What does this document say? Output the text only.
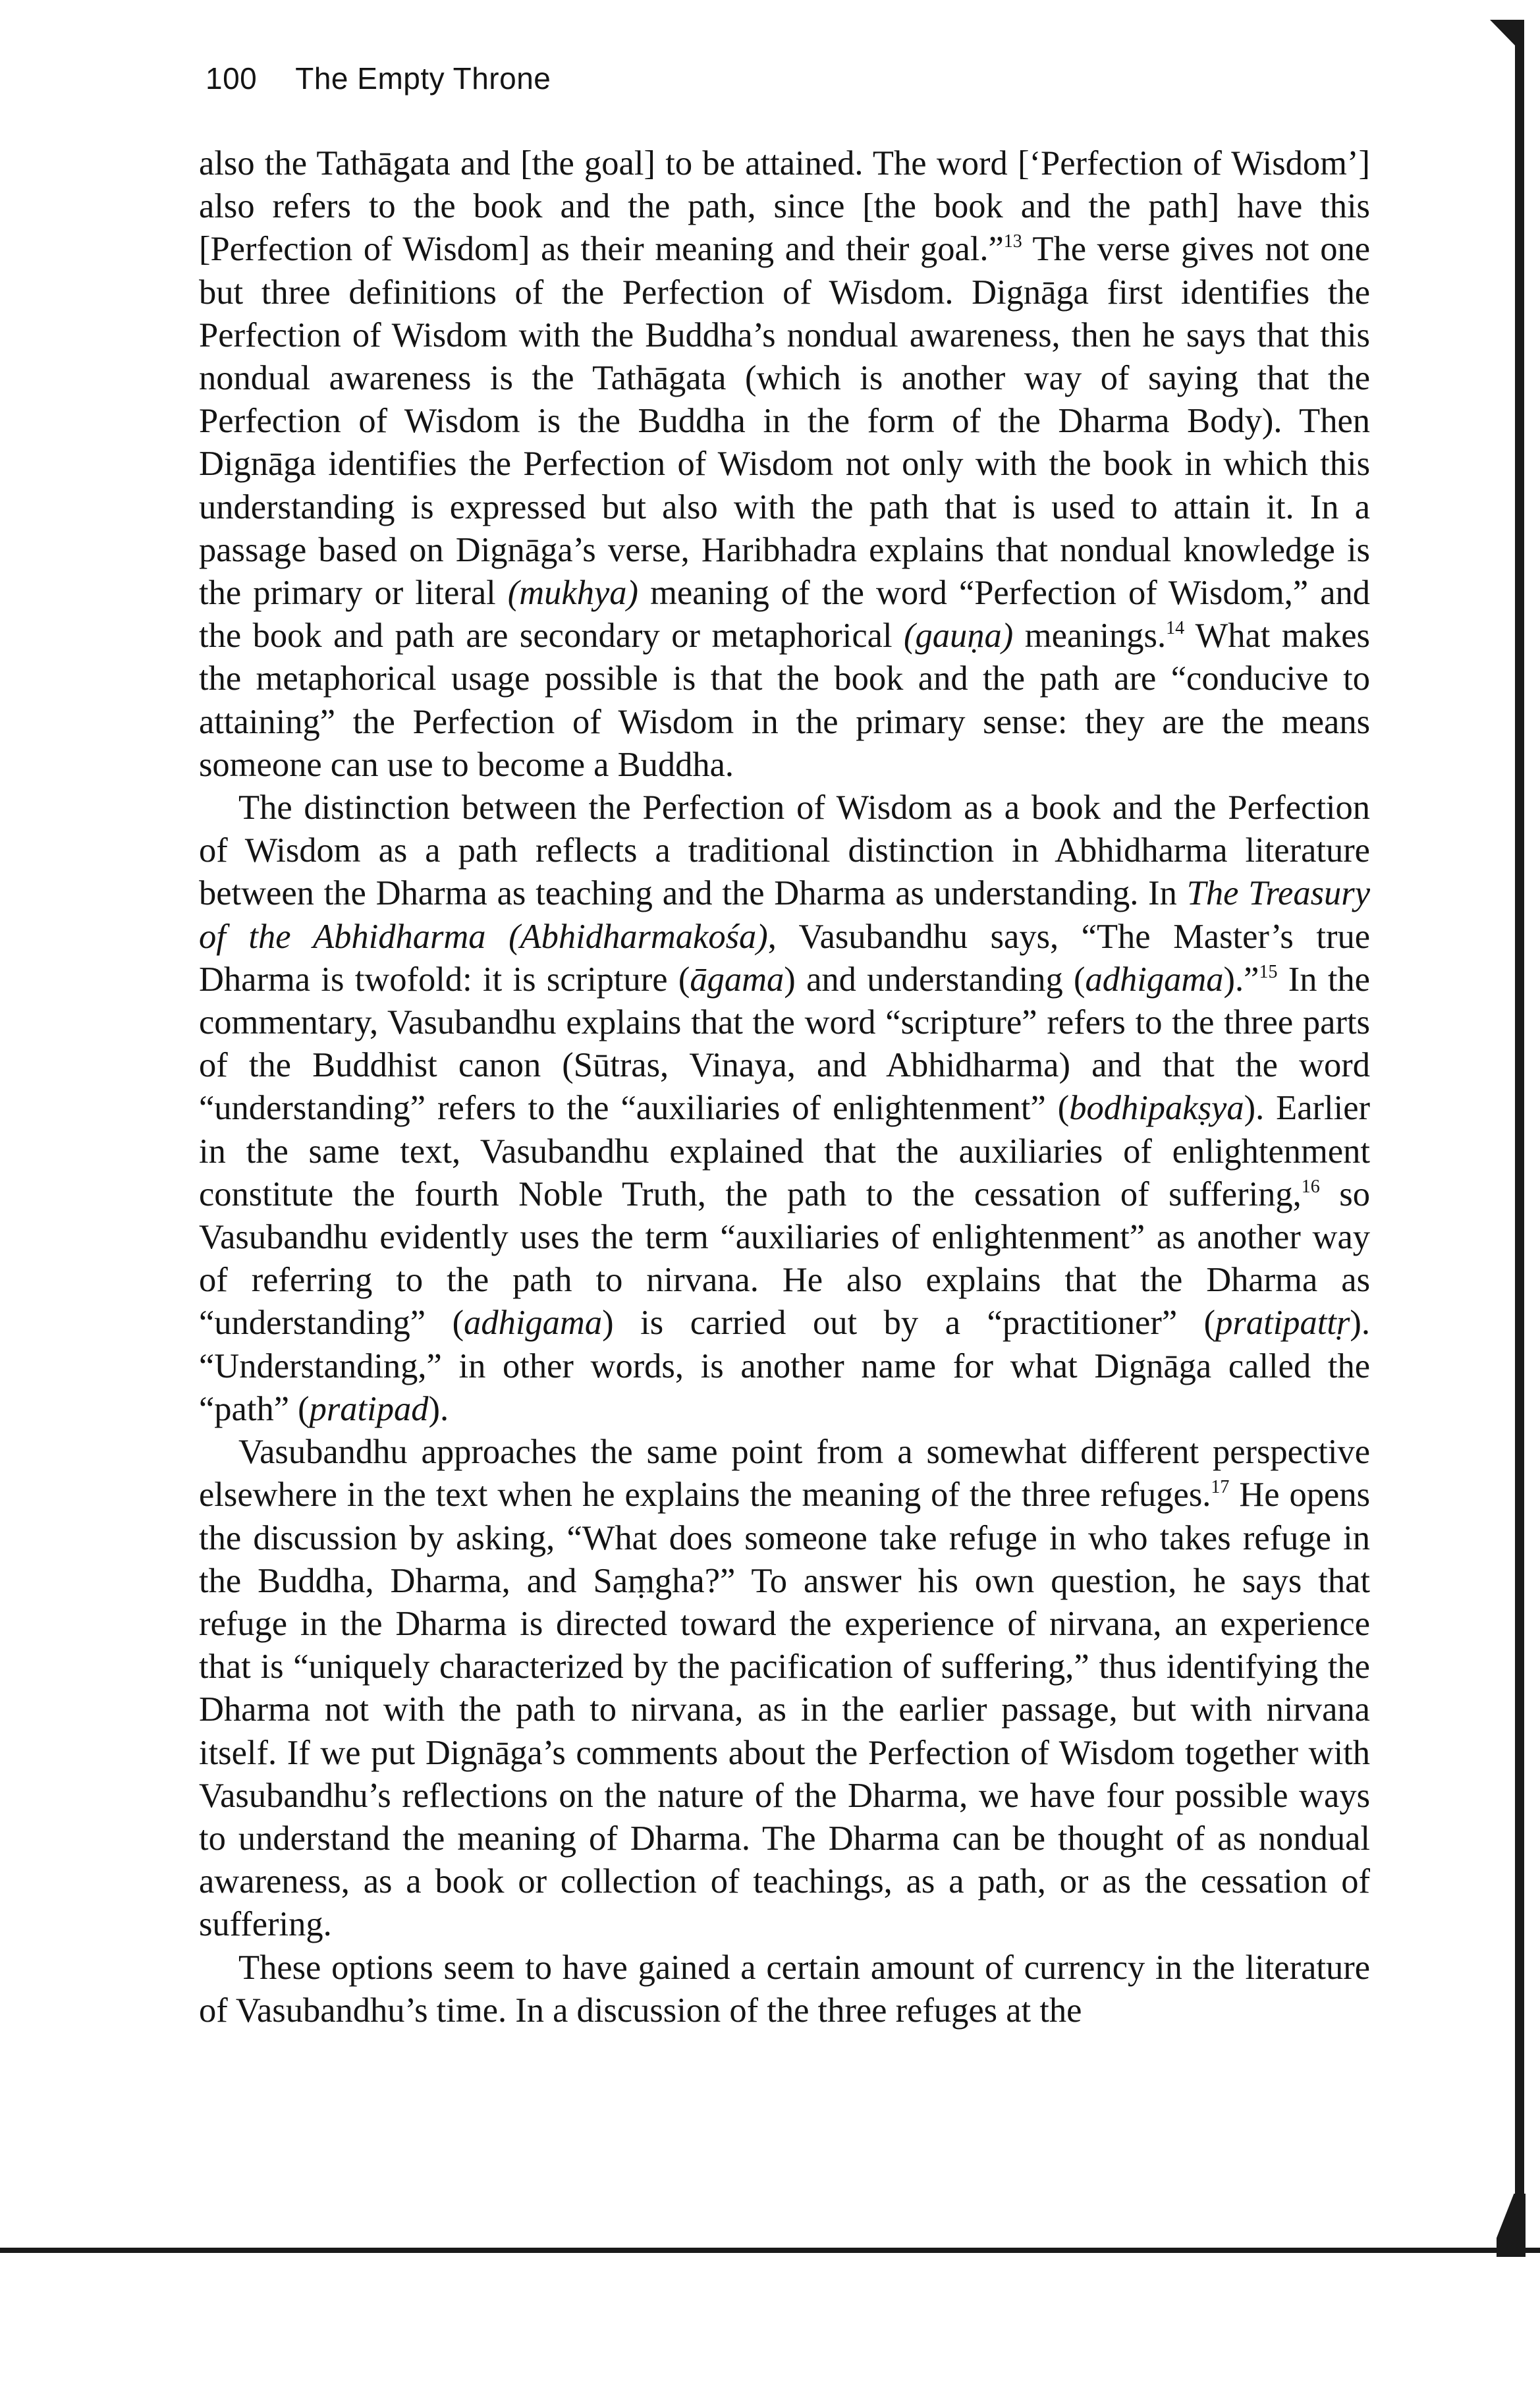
100 The Empty Throne

also the Tathāgata and [the goal] to be attained. The word [‘Perfection of Wisdom’] also refers to the book and the path, since [the book and the path] have this [Perfection of Wisdom] as their meaning and their goal.”$^{13}$ The verse gives not one but three definitions of the Perfection of Wisdom. Dignāga first identifies the Perfection of Wisdom with the Buddha’s nondual awareness, then he says that this nondual awareness is the Tathāgata (which is another way of saying that the Perfection of Wisdom is the Buddha in the form of the Dharma Body). Then Dignāga identifies the Perfection of Wisdom not only with the book in which this understanding is expressed but also with the path that is used to attain it. In a passage based on Dignāga’s verse, Haribhadra explains that nondual knowledge is the primary or literal (mukhya) meaning of the word “Perfection of Wisdom,” and the book and path are secondary or metaphorical (gauṇa) meanings.$^{14}$ What makes the metaphorical usage possible is that the book and the path are “conducive to attaining” the Perfection of Wisdom in the primary sense: they are the means someone can use to become a Buddha.

The distinction between the Perfection of Wisdom as a book and the Perfection of Wisdom as a path reflects a traditional distinction in Abhidharma literature between the Dharma as teaching and the Dharma as understanding. In The Treasury of the Abhidharma (Abhidharmakośa), Vasubandhu says, “The Master’s true Dharma is twofold: it is scripture (āgama) and understanding (adhigama).”$^{15}$ In the commentary, Vasubandhu explains that the word “scripture” refers to the three parts of the Buddhist canon (Sūtras, Vinaya, and Abhidharma) and that the word “understanding” refers to the “auxiliaries of enlightenment” (bodhipakṣya). Earlier in the same text, Vasubandhu explained that the auxiliaries of enlightenment constitute the fourth Noble Truth, the path to the cessation of suffering,$^{16}$ so Vasubandhu evidently uses the term “auxiliaries of enlightenment” as another way of referring to the path to nirvana. He also explains that the Dharma as “understanding” (adhigama) is carried out by a “practitioner” (pratipattṛ). “Understanding,” in other words, is another name for what Dignāga called the “path” (pratipad).

Vasubandhu approaches the same point from a somewhat different perspective elsewhere in the text when he explains the meaning of the three refuges.$^{17}$ He opens the discussion by asking, “What does someone take refuge in who takes refuge in the Buddha, Dharma, and Saṃgha?” To answer his own question, he says that refuge in the Dharma is directed toward the experience of nirvana, an experience that is “uniquely characterized by the pacification of suffering,” thus identifying the Dharma not with the path to nirvana, as in the earlier passage, but with nirvana itself. If we put Dignāga’s comments about the Perfection of Wisdom together with Vasubandhu’s reflections on the nature of the Dharma, we have four possible ways to understand the meaning of Dharma. The Dharma can be thought of as nondual awareness, as a book or collection of teachings, as a path, or as the cessation of suffering.

These options seem to have gained a certain amount of currency in the literature of Vasubandhu’s time. In a discussion of the three refuges at the
